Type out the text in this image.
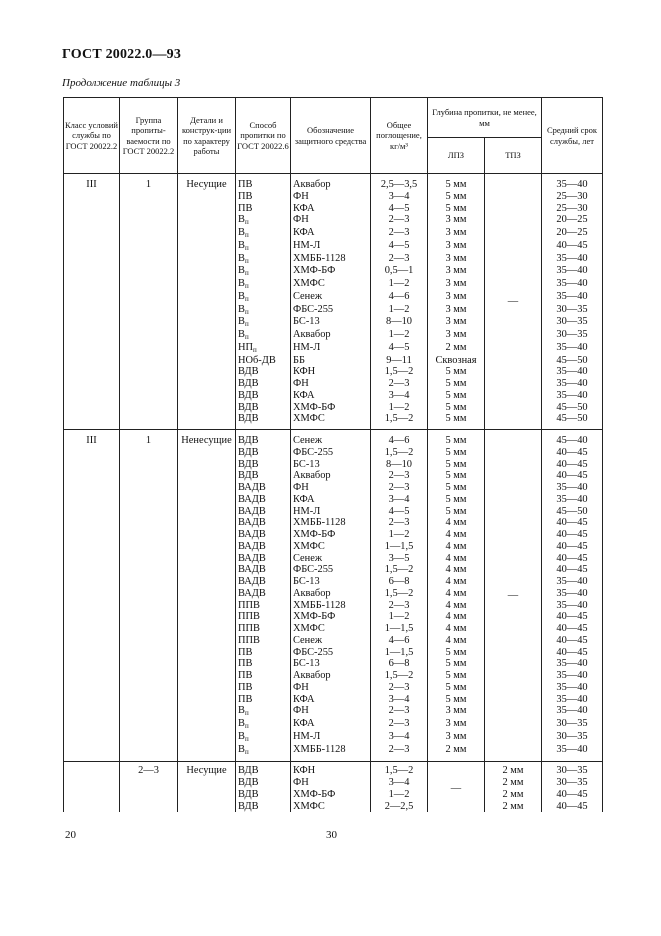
ГОСТ 20022.0—93
Продолжение таблицы 3
Класс условий службы по ГОСТ 20022.2	Группа пропиты-ваемости по ГОСТ 20022.2	Детали и конструк-ции по характеру работы	Способ пропитки по ГОСТ 20022.6	Обозначение защитного средства	Общее поглощение, кг/м³	Глубина пропитки, не менее, мм		Средний срок службы, лет
						ЛПЗ	ТПЗ	

III	1	Несущие	ПВ	Аквабор	2,5—3,5	5 мм	—	35—40
			ПВ	ФН	3—4	5 мм		25—30
			ПВ	КФА	4—5	5 мм		25—30
			$В_п$	ФН	2—3	3 мм		20—25
			$В_п$	КФА	2—3	3 мм		20—25
			$В_п$	НМ-Л	4—5	3 мм		40—45
			$В_п$	ХМББ-1128	2—3	3 мм		35—40
			$В_п$	ХМФ-БФ	0,5—1	3 мм		35—40
			$В_п$	ХМФС	1—2	3 мм		35—40
			$В_п$	Сенеж	4—6	3 мм		35—40
			$В_п$	ФБС-255	1—2	3 мм		30—35
			$В_п$	БС-13	8—10	3 мм		30—35
			$В_п$	Аквабор	1—2	3 мм		30—35
			$НП_п$	НМ-Л	4—5	2 мм		35—40
			НОб-ДВ	ББ	9—11	Сквозная		45—50
			ВДВ	КФН	1,5—2	5 мм		35—40
			ВДВ	ФН	2—3	5 мм		35—40
			ВДВ	КФА	3—4	5 мм		35—40
			ВДВ	ХМФ-БФ	1—2	5 мм		45—50
			ВДВ	ХМФС	1,5—2	5 мм		45—50

III	1	Ненесущие	ВДВ	Сенеж	4—6	5 мм	—	45—40
			ВДВ	ФБС-255	1,5—2	5 мм		40—45
			ВДВ	БС-13	8—10	5 мм		40—45
			ВДВ	Аквабор	2—3	5 мм		40—45
			ВАДВ	ФН	2—3	5 мм		35—40
			ВАДВ	КФА	3—4	5 мм		35—40
			ВАДВ	НМ-Л	4—5	5 мм		45—50
			ВАДВ	ХМББ-1128	2—3	4 мм		40—45
			ВАДВ	ХМФ-БФ	1—2	4 мм		40—45
			ВАДВ	ХМФС	1—1,5	4 мм		40—45
			ВАДВ	Сенеж	3—5	4 мм		40—45
			ВАДВ	ФБС-255	1,5—2	4 мм		40—45
			ВАДВ	БС-13	6—8	4 мм		35—40
			ВАДВ	Аквабор	1,5—2	4 мм		35—40
			ППВ	ХМББ-1128	2—3	4 мм		35—40
			ППВ	ХМФ-БФ	1—2	4 мм		40—45
			ППВ	ХМФС	1—1,5	4 мм		40—45
			ППВ	Сенеж	4—6	4 мм		40—45
			ПВ	ФБС-255	1—1,5	5 мм		40—45
			ПВ	БС-13	6—8	5 мм		35—40
			ПВ	Аквабор	1,5—2	5 мм		35—40
			ПВ	ФН	2—3	5 мм		35—40
			ПВ	КФА	3—4	5 мм		35—40
			$В_п$	ФН	2—3	3 мм		35—40
			$В_п$	КФА	2—3	3 мм		30—35
			$В_п$	НМ-Л	3—4	3 мм		30—35
			$В_п$	ХМББ-1128	2—3	2 мм		35—40

	2—3	Несущие	ВДВ	КФН	1,5—2	—	2 мм	30—35
			ВДВ	ФН	3—4		2 мм	30—35
			ВДВ	ХМФ-БФ	1—2		2 мм	40—45
			ВДВ	ХМФС	2—2,5		2 мм	40—45
20	30
